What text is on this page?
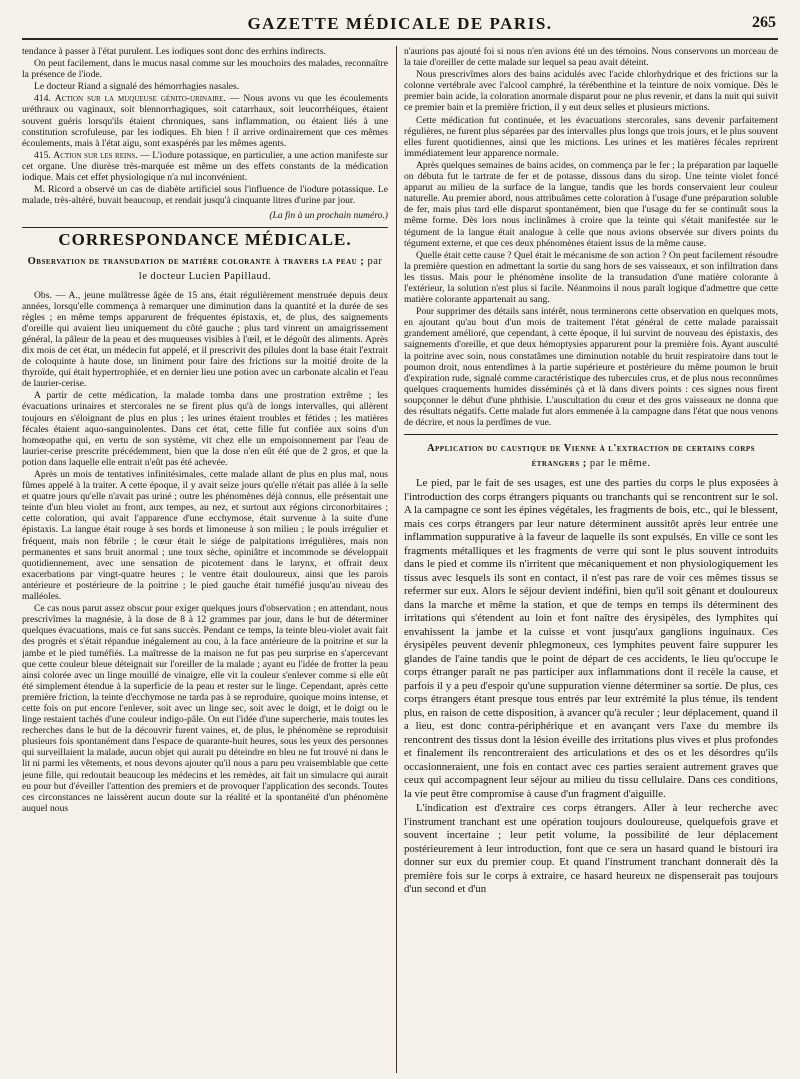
GAZETTE MÉDICALE DE PARIS.	265

tendance à passer à l'état purulent. Les iodiques sont donc des errhins indirects.

On peut facilement, dans le mucus nasal comme sur les mouchoirs des malades, reconnaître la présence de l'iode.

Le docteur Riand a signalé des hémorrhagies nasales.

414. Action sur la muqueuse génito-urinaire. — Nous avons vu que les écoulements uréthraux ou vaginaux, soit blennorrhagiques, soit catarrhaux, soit leucorrhéiques, étaient souvent guéris lorsqu'ils étaient chroniques, sans inflammation, ou étaient liés à une constitution scrofuleuse, par les iodiques. Eh bien ! il arrive ordinairement que ces mêmes écoulements, mais à l'état aigu, sont exaspérés par les mêmes agents.

415. Action sur les reins. — L'iodure potassique, en particulier, a une action manifeste sur cet organe. Une diurèse très-marquée est même un des effets constants de la médication iodique. Mais cet effet physiologique n'a nul inconvénient.

M. Ricord a observé un cas de diabète artificiel sous l'influence de l'iodure potassique. Le malade, très-altéré, buvait beaucoup, et rendait jusqu'à cinquante litres d'urine par jour.

(La fin à un prochain numéro.)
CORRESPONDANCE MÉDICALE.
Observation de transudation de matière colorante à travers la peau ; par le docteur Lucien Papillaud.

Obs. — A., jeune mulâtresse âgée de 15 ans, était régulièrement menstruée depuis deux années, lorsqu'elle commença à remarquer une diminution dans la quantité et la durée de ses règles ; en même temps apparurent de fréquentes épistaxis, et, de plus, des saignements d'oreille qui avaient lieu uniquement du côté gauche ; plus tard vinrent un amaigrissement général, la pâleur de la peau et des muqueuses visibles à l'œil, et le dégoût des aliments. Après dix mois de cet état, un médecin fut appelé, et il prescrivit des pilules dont la base était l'extrait de coloquinte à haute dose, un liniment pour faire des frictions sur la moitié droite de la thyroïde, qui était hypertrophiée, et en dernier lieu une potion avec un carbonate alcalin et l'eau de laurier-cerise.

A partir de cette médication, la malade tomba dans une prostration extrême ; les évacuations urinaires et stercorales ne se firent plus qu'à de longs intervalles, qui allèrent toujours en s'éloignant de plus en plus ; les urines étaient troubles et fétides ; les matières fécales étaient aquo-sanguinolentes. Dans cet état, cette fille fut confiée aux soins d'un homœopathe qui, en vertu de son système, vit chez elle un empoisonnement par l'eau de laurier-cerise prescrite précédemment, bien que la dose n'en eût été que de 2 gros, et que la potion dans laquelle elle entrait n'eût pas été achevée.

Après un mois de tentatives infinitésimales, cette malade allant de plus en plus mal, nous fûmes appelé à la traiter. A cette époque, il y avait seize jours qu'elle n'était pas allée à la selle et quatre jours qu'elle n'avait pas uriné ; outre les phénomènes déjà connus, elle présentait une teinte d'un bleu violet au front, aux tempes, au nez, et surtout aux régions circonorbitaires ; cette coloration, qui avait l'apparence d'une ecchymose, était survenue à la suite d'une épistaxis. La langue était rouge à ses bords et limoneuse à son milieu ; le pouls irrégulier et fréquent, mais non fébrile ; le cœur était le siége de palpitations irrégulières, mais non permanentes et sans bruit anormal ; une toux sèche, opiniâtre et incommode se développait quotidiennement, avec une sensation de picotement dans le larynx, et offrait deux exacerbations par vingt-quatre heures ; le ventre était douloureux, ainsi que les parois antérieure et postérieure de la poitrine ; le pied gauche était tuméfié jusqu'au niveau des malléoles.

Ce cas nous parut assez obscur pour exiger quelques jours d'observation ; en attendant, nous prescrivîmes la magnésie, à la dose de 8 à 12 grammes par jour, dans le but de déterminer quelques évacuations, mais ce fut sans succès. Pendant ce temps, la teinte bleu-violet avait fait des progrès et s'était répandue inégalement au cou, à la face antérieure de la poitrine et sur la jambe et le pied tuméfiés. La maîtresse de la maison ne fut pas peu surprise en s'apercevant que cette couleur bleue déteignait sur l'oreiller de la malade ; ayant eu l'idée de frotter la peau ainsi colorée avec un linge mouillé de vinaigre, elle vit la couleur s'enlever comme si elle eût été simplement étendue à la superficie de la peau et rester sur le linge. Cependant, après cette première friction, la teinte d'ecchymose ne tarda pas à se reproduire, quoique moins intense, et cette fois on put encore l'enlever, soit avec un linge sec, soit avec le doigt, et le doigt ou le linge restaient tachés d'une couleur indigo-pâle. On eut l'idée d'une supercherie, mais toutes les recherches dans le but de la découvrir furent vaines, et, de plus, le phénomène se reproduisit plusieurs fois spontanément dans l'espace de quarante-huit heures, sous les yeux des personnes qui surveillaient la malade, aucun objet qui aurait pu déteindre en bleu ne fut trouvé ni dans le lit ni parmi les vêtements, et nous devons ajouter qu'il nous a paru peu vraisemblable que cette jeune fille, qui redoutait beaucoup les médecins et les remèdes, ait fait un simulacre qui aurait eu pour but d'éveiller l'attention des premiers et de provoquer l'application des seconds. Toutes ces circonstances ne laissèrent aucun doute sur la réalité et la spontanéité d'un phénomène auquel nous

n'aurions pas ajouté foi si nous n'en avions été un des témoins. Nous conservons un morceau de la taie d'oreiller de cette malade sur lequel sa peau avait déteint.

Nous prescrivîmes alors des bains acidulés avec l'acide chlorhydrique et des frictions sur la colonne vertébrale avec l'alcool camphré, la térébenthine et la teinture de noix vomique. Dès le premier bain acide, la coloration anormale disparut pour ne plus revenir, et dans la nuit qui suivit ce premier bain et la première friction, il y eut deux selles et plusieurs mictions.

Cette médication fut continuée, et les évacuations stercorales, sans devenir parfaitement régulières, ne furent plus séparées par des intervalles plus longs que trois jours, et le plus souvent elles furent quotidiennes, ainsi que les mictions. Les urines et les matières fécales reprirent immédiatement leur apparence normale.

Après quelques semaines de bains acides, on commença par le fer ; la préparation par laquelle on débuta fut le tartrate de fer et de potasse, dissous dans du sirop. Une teinte violet foncé apparut au milieu de la surface de la langue, tandis que les bords conservaient leur couleur naturelle. Au premier abord, nous attribuâmes cette coloration à l'usage d'une préparation soluble de fer, mais plus tard elle disparut spontanément, bien que l'usage du fer se continuât sous la même forme. Dès lors nous inclinâmes à croire que la teinte qui s'était manifestée sur le tégument de la langue était analogue à celle que nous avions observée sur divers points du tégument externe, et que ces deux phénomènes étaient issus de la même cause.

Quelle était cette cause ? Quel était le mécanisme de son action ? On peut facilement résoudre la première question en admettant la sortie du sang hors de ses vaisseaux, et son infiltration dans les tissus. Mais pour le phénomène insolite de la transudation d'une matière colorante à l'extérieur, la solution n'est plus si facile. Néanmoins il nous paraît logique d'admettre que cette matière colorante appartenait au sang.

Pour supprimer des détails sans intérêt, nous terminerons cette observation en quelques mots, en ajoutant qu'au bout d'un mois de traitement l'état général de cette malade paraissait grandement amélioré, que cependant, à cette époque, il lui survint de nouveau des épistaxis, des saignements d'oreille, et que deux hémoptysies apparurent pour la première fois. Ayant ausculté la poitrine avec soin, nous constatâmes une diminution notable du bruit respiratoire dans tout le poumon droit, nous entendîmes à la partie supérieure et postérieure du même poumon le bruit d'expiration rude, signalé comme caractéristique des tubercules crus, et de plus nous reconnûmes quelques craquements humides disséminés çà et là dans divers points : ces signes nous firent soupçonner le début d'une phthisie. L'auscultation du cœur et des gros vaisseaux ne donna que des résultats négatifs. Cette malade fut alors emmenée à la campagne dans l'état que nous venons de décrire, et nous la perdîmes de vue.

Application du caustique de Vienne à l'extraction de certains corps étrangers ; par le même.

Le pied, par le fait de ses usages, est une des parties du corps le plus exposées à l'introduction des corps étrangers piquants ou tranchants qui se rencontrent sur le sol. A la campagne ce sont les épines végétales, les fragments de bois, etc., qui le blessent, mais ces corps étrangers par leur nature déterminent aussitôt après leur entrée une inflammation suppurative à la faveur de laquelle ils sont expulsés. En ville ce sont les fragments métalliques et les fragments de verre qui sont le plus souvent introduits dans le pied et comme ils n'irritent que mécaniquement et non physiologiquement les tissus avec lesquels ils sont en contact, il n'est pas rare de voir ces mêmes tissus se refermer sur eux. Alors le séjour devient indéfini, bien qu'il soit gênant et douloureux dans la marche et même la station, et que de temps en temps ils déterminent des irritations qui s'étendent au loin et font naître des érysipèles, des lymphites qui envahissent la jambe et la cuisse et vont jusqu'aux ganglions inguinaux. Ces érysipèles peuvent devenir phlegmoneux, ces lymphites peuvent faire suppurer les glandes de l'aine tandis que le point de départ de ces accidents, le lieu qu'occupe le corps étranger paraît ne pas participer aux inflammations dont il recèle la cause, et parfois il y a peu d'espoir qu'une suppuration vienne déterminer sa sortie. De plus, ces corps étrangers étant presque tous entrés par leur extrémité la plus ténue, ils tendent plus, en raison de cette disposition, à avancer qu'à reculer ; leur déplacement, quand il a lieu, est donc contra-périphérique et en avançant vers l'axe du membre ils rencontrent des tissus dont la lésion éveille des irritations plus vives et plus profondes et finalement ils rencontreraient des articulations et des os et les désordres qu'ils occasionneraient, une fois en contact avec ces parties seraient autrement graves que ceux qui accompagnent leur séjour au milieu du tissu cellulaire. Dans ces conditions, la vie peut être compromise à cause d'un fragment d'aiguille.

L'indication est d'extraire ces corps étrangers. Aller à leur recherche avec l'instrument tranchant est une opération toujours douloureuse, quelquefois grave et souvent incertaine ; leur petit volume, la possibilité de leur déplacement postérieurement à leur introduction, font que ce sera un hasard quand le bistouri ira donner sur eux du premier coup. Et quand l'instrument tranchant donnerait dès la première fois sur le corps à extraire, ce hasard heureux ne dispenserait pas toujours d'un second et d'un
